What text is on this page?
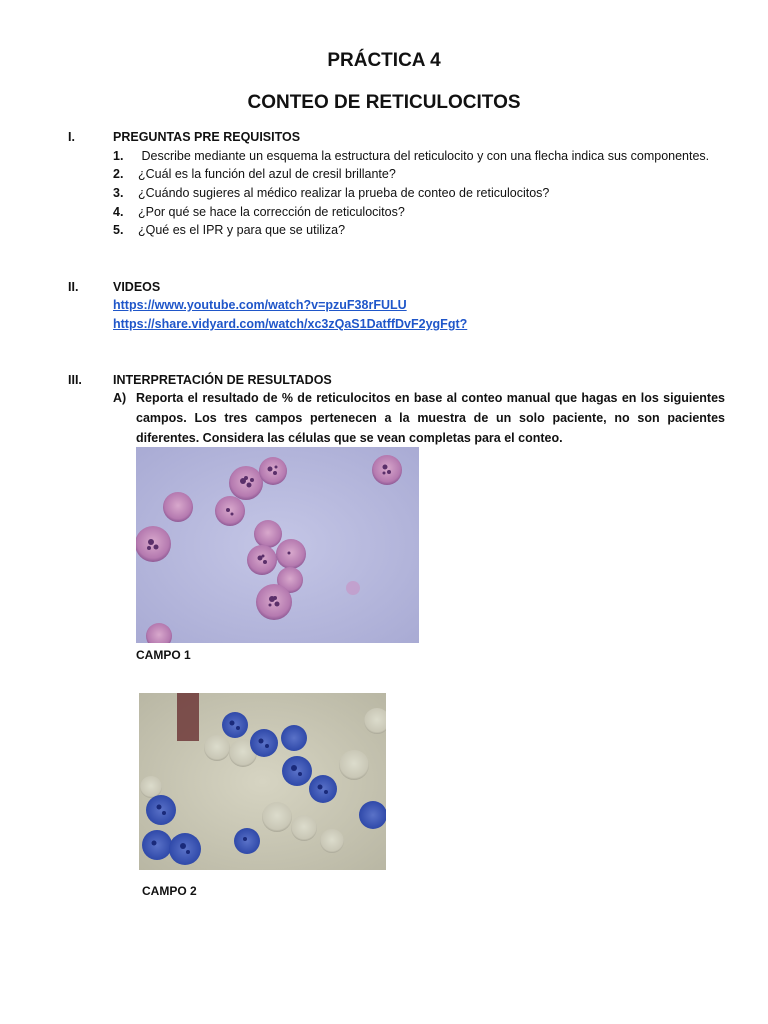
PRÁCTICA 4
CONTEO DE RETICULOCITOS
I.	PREGUNTAS PRE REQUISITOS
1. Describe mediante un esquema la estructura del reticulocito y con una flecha indica sus componentes.
2. ¿Cuál es la función del azul de cresil brillante?
3. ¿Cuándo sugieres al médico realizar la prueba de conteo de reticulocitos?
4. ¿Por qué se hace la corrección de reticulocitos?
5. ¿Qué es el IPR y para que se utiliza?
II.	VIDEOS
https://www.youtube.com/watch?v=pzuF38rFULU
https://share.vidyard.com/watch/xc3zQaS1DatffDvF2ygFgt?
III. INTERPRETACIÓN DE RESULTADOS
A) Reporta el resultado de % de reticulocitos en base al conteo manual que hagas en los siguientes campos. Los tres campos pertenecen a la muestra de un solo paciente, no son pacientes diferentes. Considera las células que se vean completas para el conteo.
CAMPO 1
CAMPO 2
